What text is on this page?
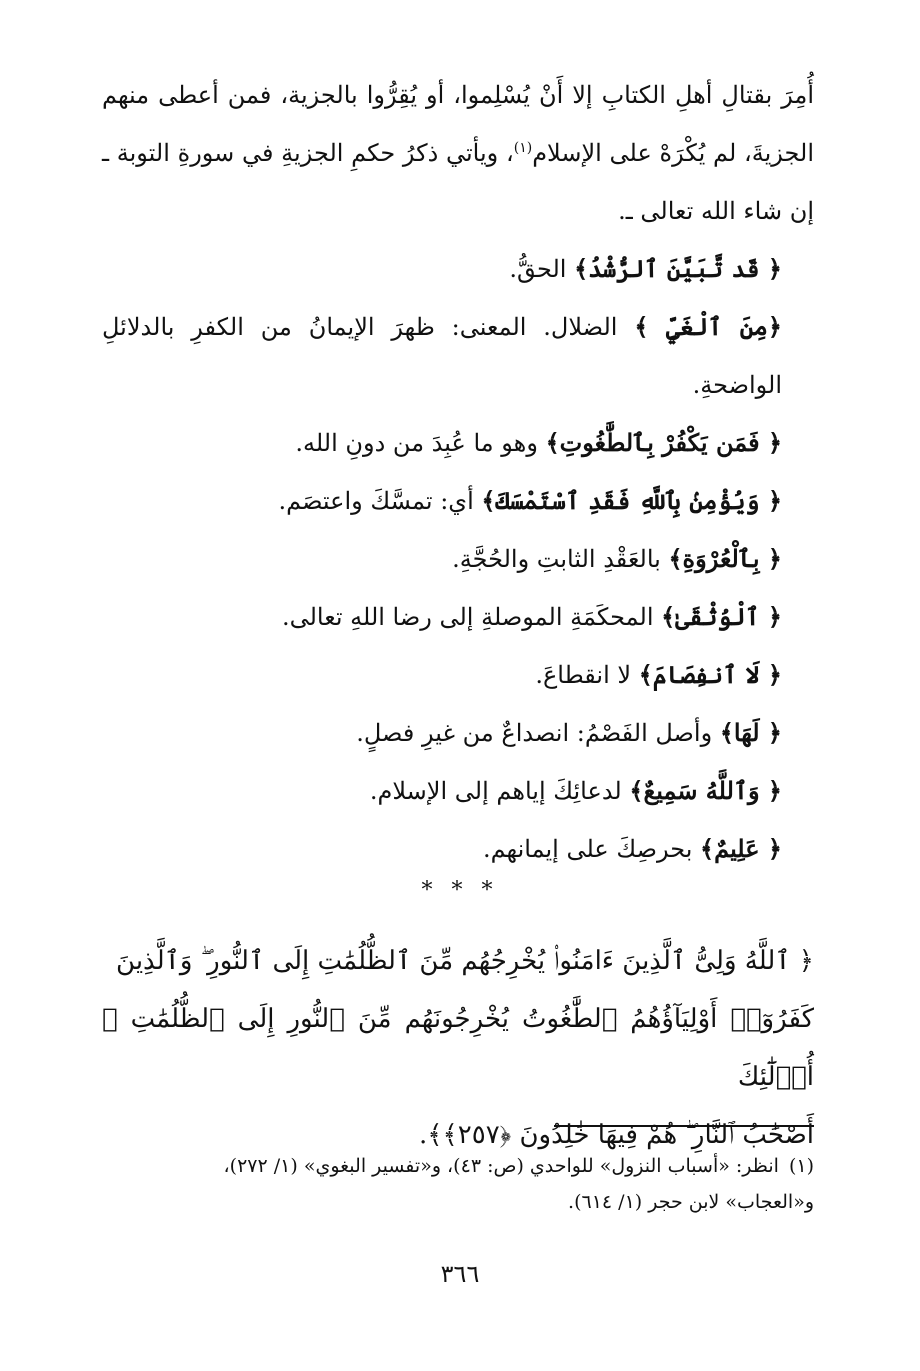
أُمِرَ بقتالِ أهلِ الكتابِ إلا أَنْ يُسْلِموا، أو يُقِرُّوا بالجزية، فمن أعطى منهم الجزيةَ، لم يُكْرَهْ على الإسلام$^{(١)}$، ويأتي ذكرُ حكمِ الجزيةِ في سورةِ التوبة ـ إن شاء الله تعالى ـ.

﴿ قَد تَّبَيَّنَ ٱلرُّشْدُ﴾ الحقُّ.

﴿مِنَ ٱلْغَيِّ ﴾ الضلال. المعنى: ظهرَ الإيمانُ من الكفرِ بالدلائلِ الواضحةِ.

﴿ فَمَن يَكْفُرْ بِٱلطَّٰغُوتِ﴾ وهو ما عُبِدَ من دونِ الله.

﴿ وَيُؤْمِنۢ بِٱللَّهِ فَقَدِ ٱسْتَمْسَكَ﴾ أي: تمسَّكَ واعتصَم.

﴿ بِٱلْعُرْوَةِ﴾ بالعَقْدِ الثابتِ والحُجَّةِ.

﴿ ٱلْوُثْقَىٰ﴾ المحكَمَةِ الموصلةِ إلى رضا اللهِ تعالى.

﴿ لَا ٱنفِصَامَ﴾ لا انقطاعَ.

﴿ لَهَا﴾ وأصل الفَصْمُ: انصداعٌ من غيرِ فصلٍ.

﴿ وَٱللَّهُ سَمِيعٌ﴾ لدعائِكَ إياهم إلى الإسلام.

﴿ عَلِيمٌ﴾ بحرصِكَ على إيمانهم.

* * *

﴿ ٱللَّهُ وَلِىُّ ٱلَّذِينَ ءَامَنُوا۟ يُخْرِجُهُم مِّنَ ٱلظُّلُمَٰتِ إِلَى ٱلنُّورِ ۖ وَٱلَّذِينَ

كَفَرُوٓا۟ أَوْلِيَآؤُهُمُ ٱلطَّٰغُوتُ يُخْرِجُونَهُم مِّنَ ٱلنُّورِ إِلَى ٱلظُّلُمَٰتِ ۗ أُو۟لَٰٓئِكَ

أَصْحَٰبُ ٱلنَّارِ ۖ هُمْ فِيهَا خَٰلِدُونَ ﴿٢٥٧﴾﴾.

(١)انظر: «أسباب النزول» للواحدي (ص: ٤٣)، و«تفسير البغوي» (١/ ٢٧٢)،

و«العجاب» لابن حجر (١/ ٦١٤).

٣٦٦
